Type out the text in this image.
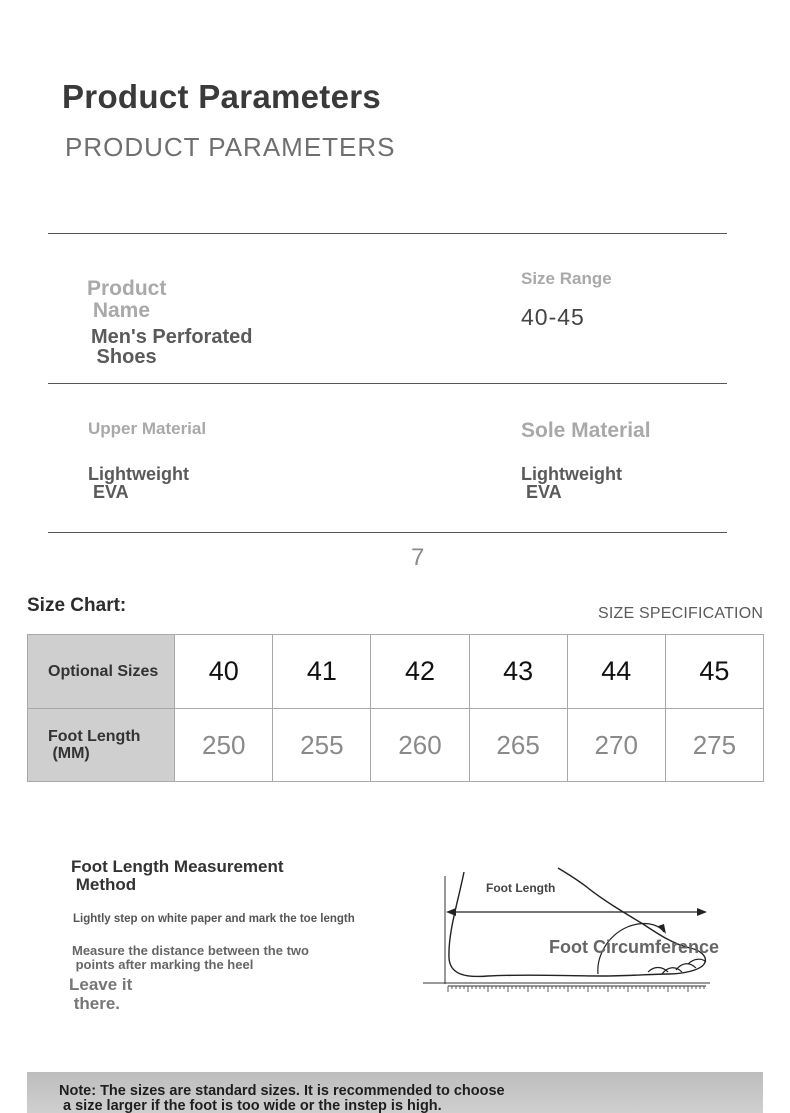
Product Parameters
PRODUCT PARAMETERS
Product
Name
Men's Perforated
Shoes
Size Range
40-45
Upper Material
Lightweight
EVA
Sole Material
Lightweight
EVA
7
Size Chart:	SIZE SPECIFICATION
Optional Sizes	40	41	42	43	44	45
Foot Length
(MM)	250	255	260	265	270	275
Foot Length Measurement
Method
Lightly step on white paper and mark the toe length
Measure the distance between the two
points after marking the heel
Leave it
there.
Foot Length
Foot Circumference
Note: The sizes are standard sizes. It is recommended to choose
a size larger if the foot is too wide or the instep is high.
